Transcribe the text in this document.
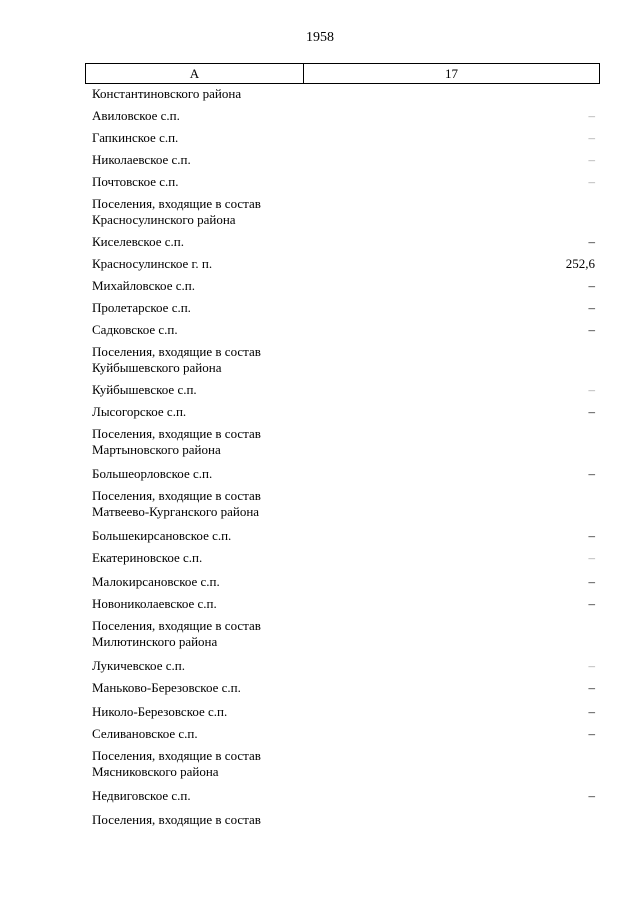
1958
А	17
Константиновского района
Авиловское с.п.	–
Гапкинское с.п.	–
Николаевское с.п.	–
Почтовское с.п.	–
Поселения, входящие в состав
Красносулинского района
Киселевское с.п.	–
Красносулинское г. п.	252,6
Михайловское с.п.	–
Пролетарское с.п.	–
Садковское с.п.	–
Поселения, входящие в состав
Куйбышевского района
Куйбышевское с.п.	–
Лысогорское с.п.	–
Поселения, входящие в состав
Мартыновского района
Большеорловское с.п.	–
Поселения, входящие в состав
Матвеево-Курганского района
Большекирсановское с.п.	–
Екатериновское с.п.	–
Малокирсановское с.п.	–
Новониколаевское с.п.	–
Поселения, входящие в состав
Милютинского района
Лукичевское с.п.	–
Маньково-Березовское с.п.	–
Николо-Березовское с.п.	–
Селивановское с.п.	–
Поселения, входящие в состав
Мясниковского района
Недвиговское с.п.	–
Поселения, входящие в состав
